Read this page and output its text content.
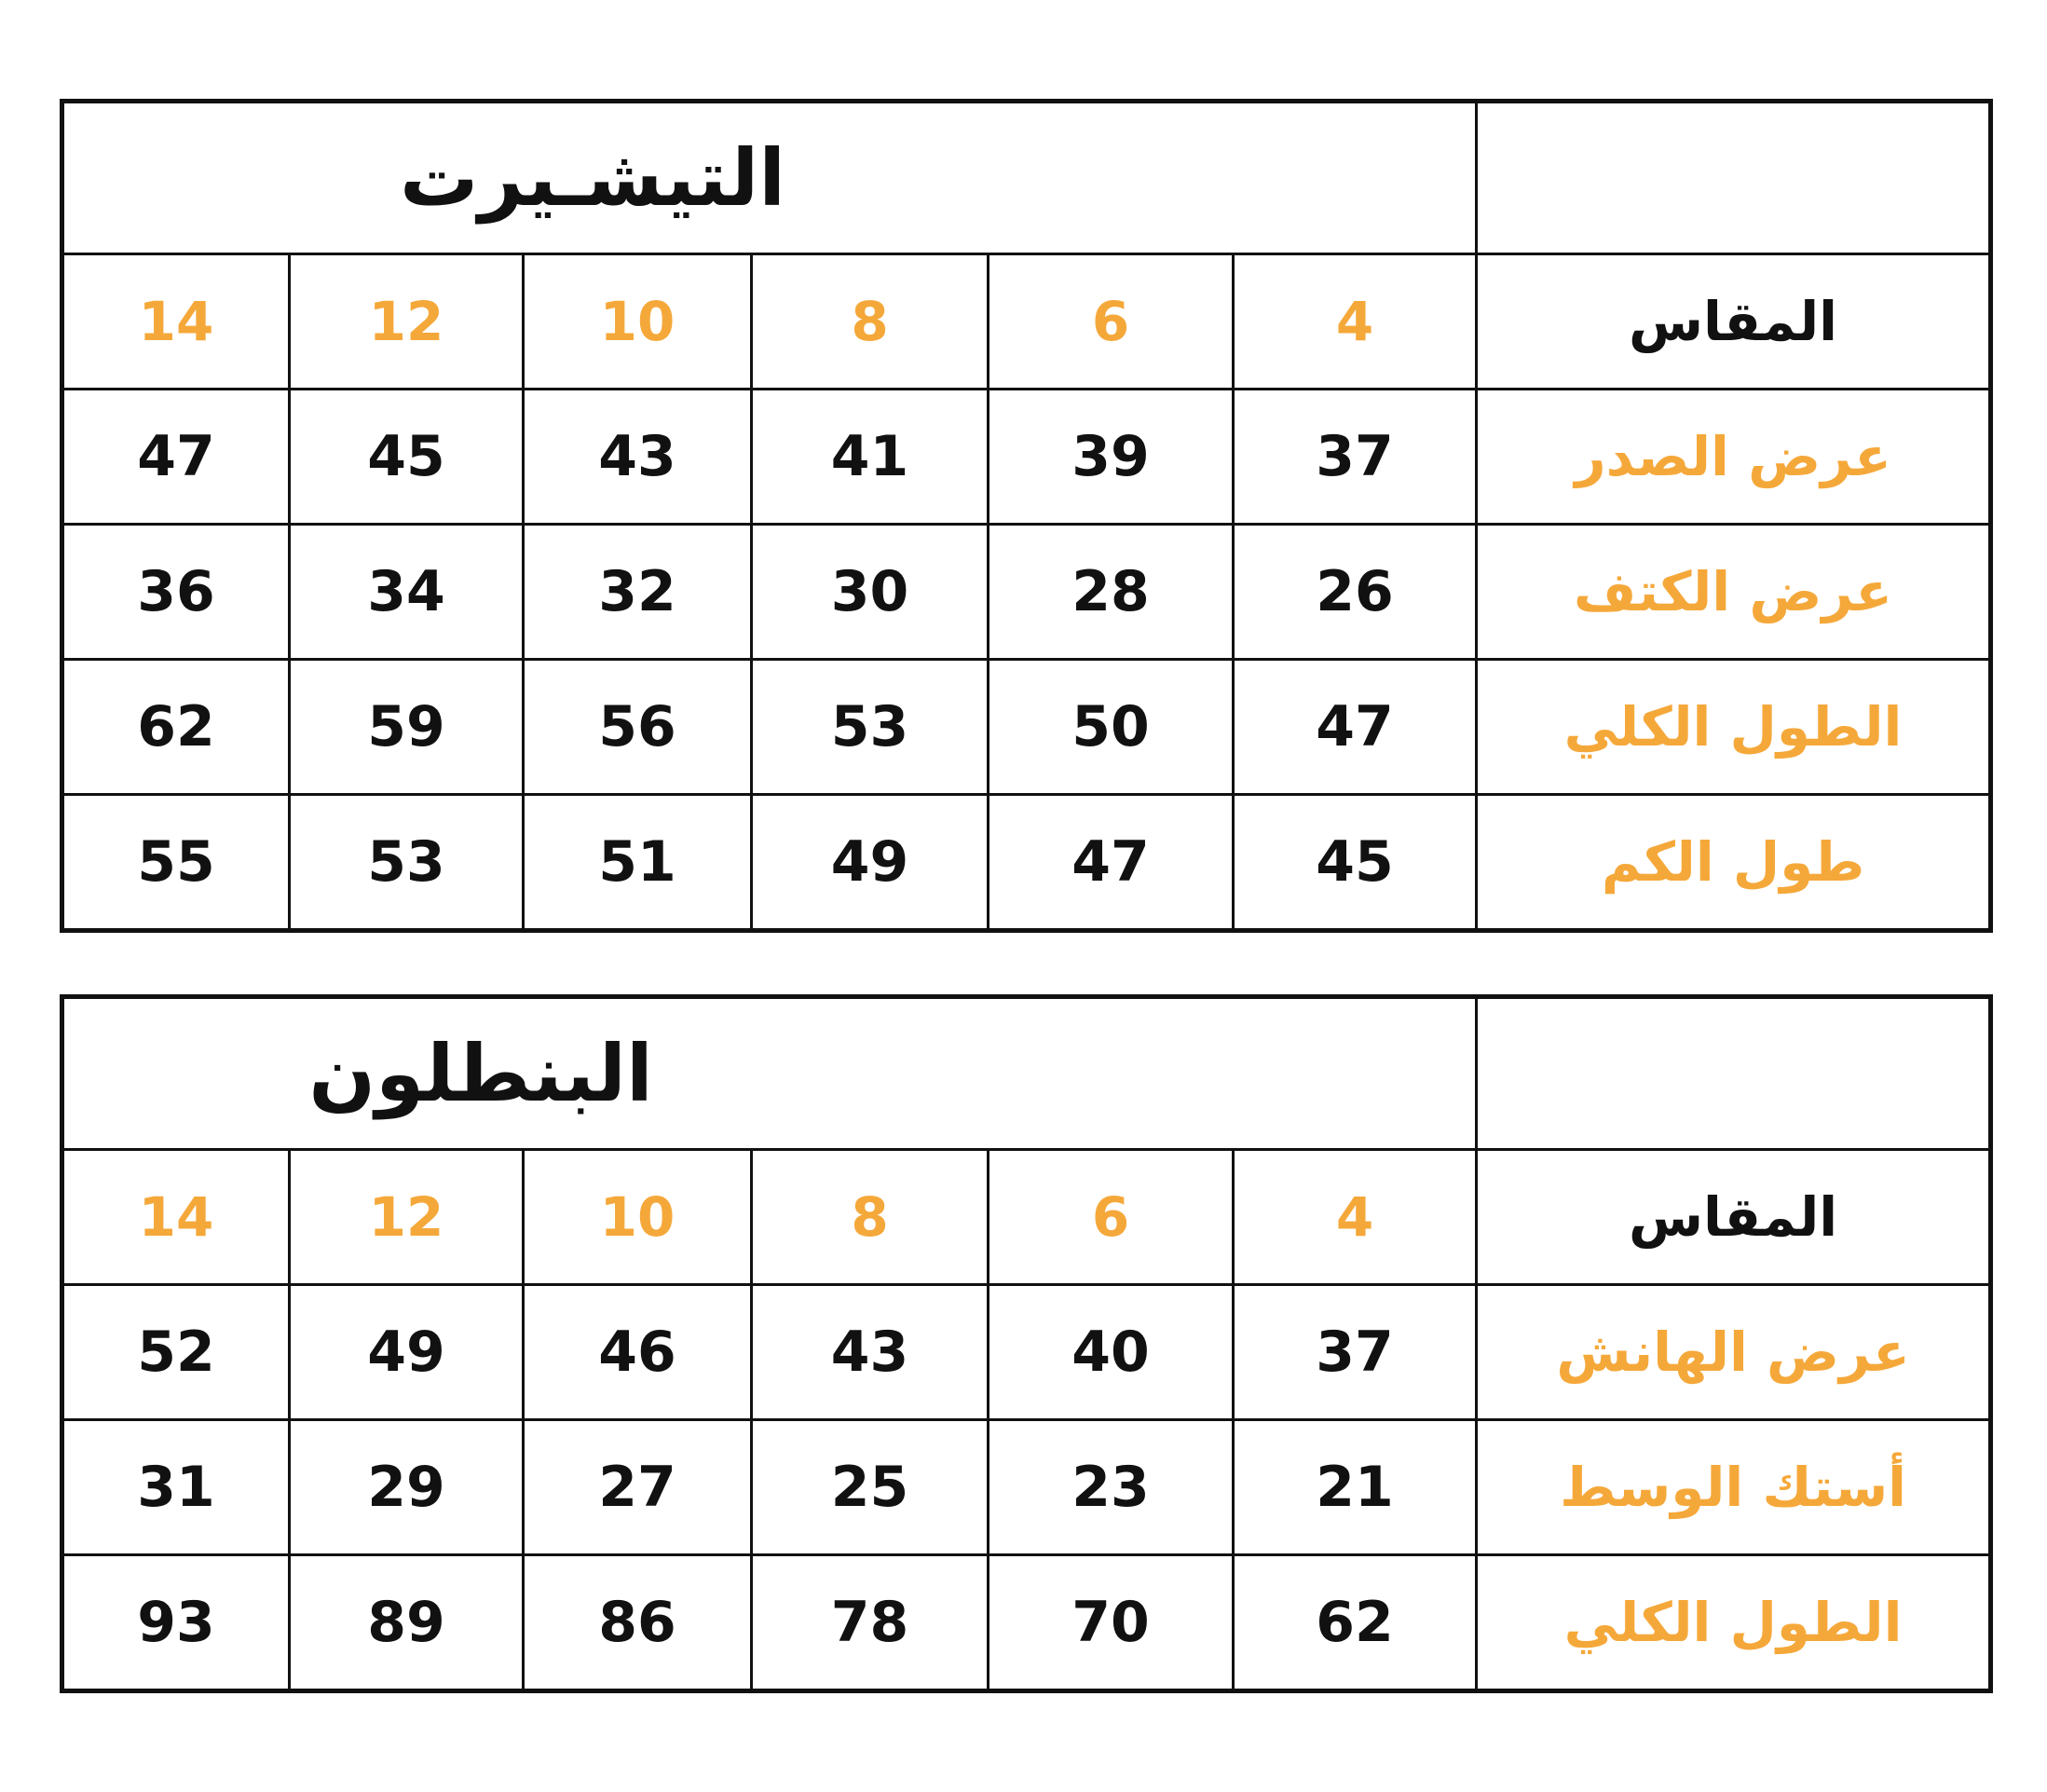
التيشـيرت						
14	12	10	8	6	4	المقاس
47	45	43	41	39	37	عرض الصدر
36	34	32	30	28	26	عرض الكتف
62	59	56	53	50	47	الطول الكلي
55	53	51	49	47	45	طول الكم
البنطلون						
14	12	10	8	6	4	المقاس
52	49	46	43	40	37	عرض الهانش
31	29	27	25	23	21	أستك الوسط
93	89	86	78	70	62	الطول الكلي
